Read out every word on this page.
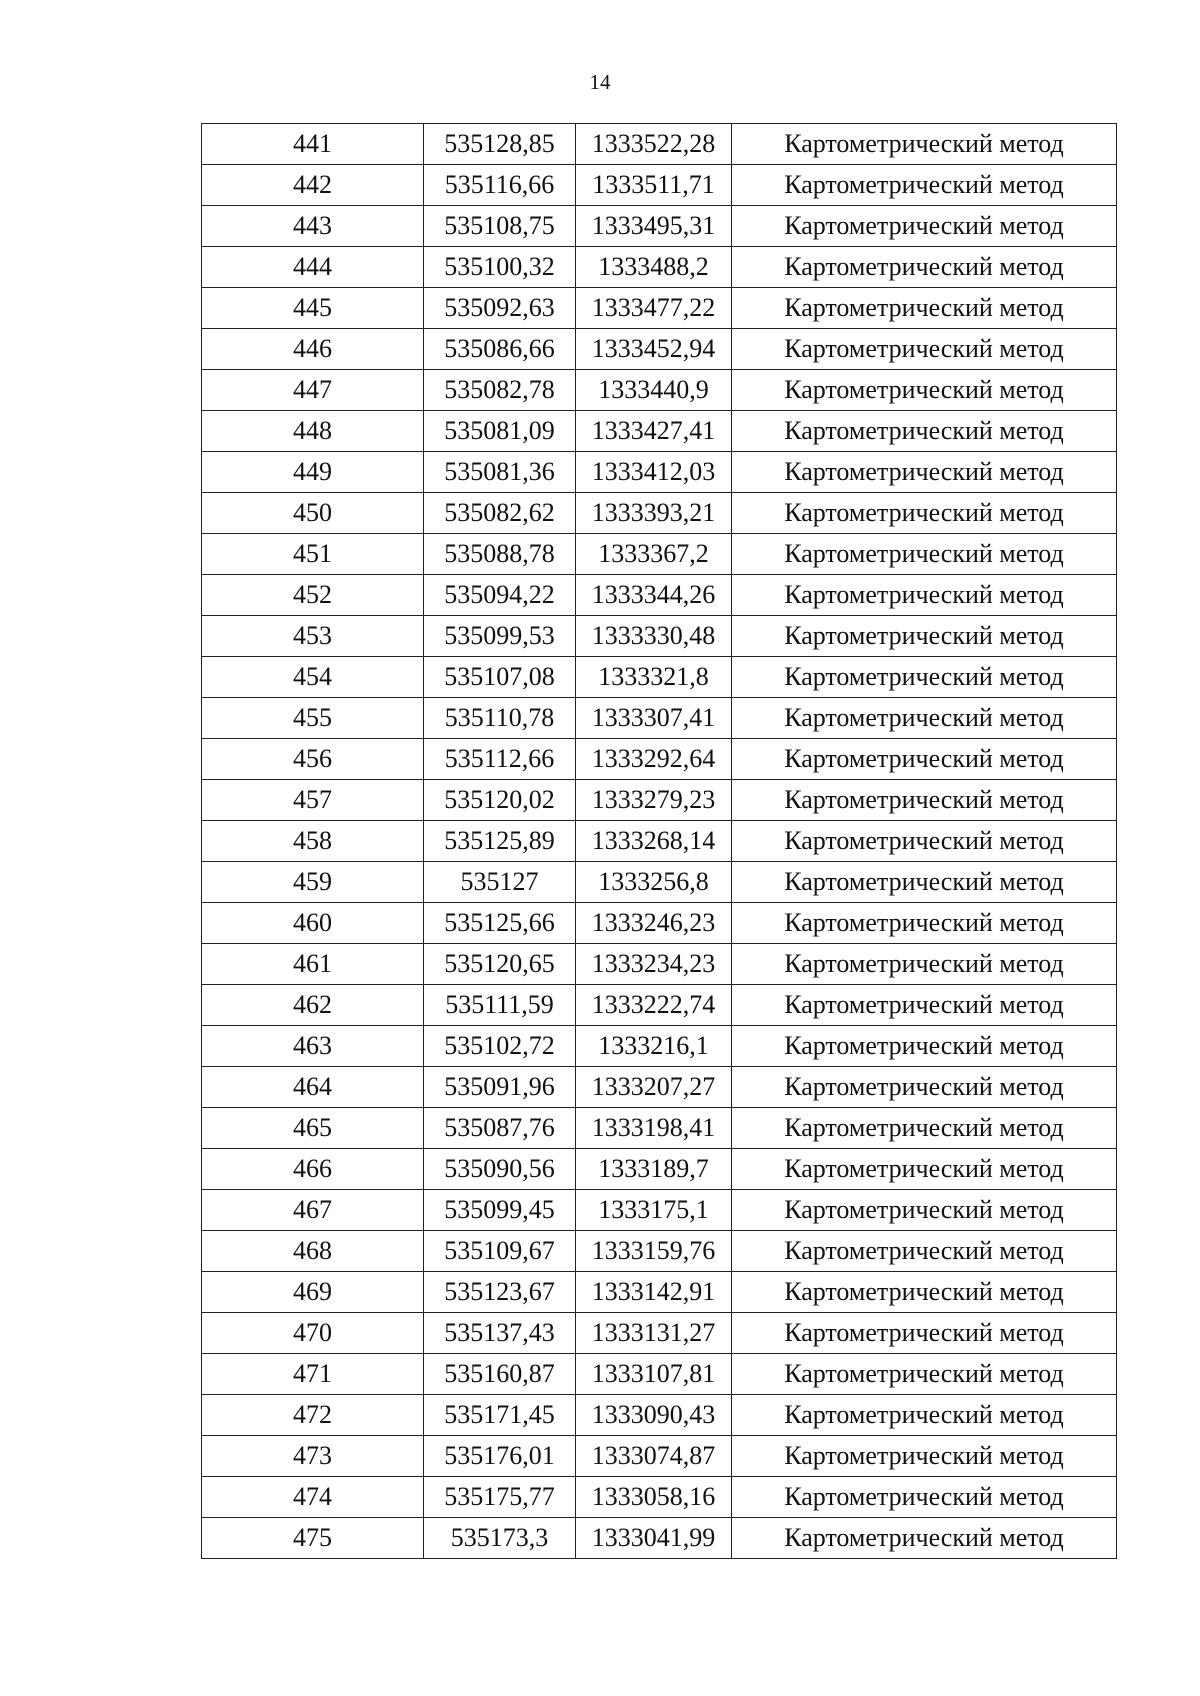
14
441	535128,85	1333522,28	Картометрический метод
442	535116,66	1333511,71	Картометрический метод
443	535108,75	1333495,31	Картометрический метод
444	535100,32	1333488,2	Картометрический метод
445	535092,63	1333477,22	Картометрический метод
446	535086,66	1333452,94	Картометрический метод
447	535082,78	1333440,9	Картометрический метод
448	535081,09	1333427,41	Картометрический метод
449	535081,36	1333412,03	Картометрический метод
450	535082,62	1333393,21	Картометрический метод
451	535088,78	1333367,2	Картометрический метод
452	535094,22	1333344,26	Картометрический метод
453	535099,53	1333330,48	Картометрический метод
454	535107,08	1333321,8	Картометрический метод
455	535110,78	1333307,41	Картометрический метод
456	535112,66	1333292,64	Картометрический метод
457	535120,02	1333279,23	Картометрический метод
458	535125,89	1333268,14	Картометрический метод
459	535127	1333256,8	Картометрический метод
460	535125,66	1333246,23	Картометрический метод
461	535120,65	1333234,23	Картометрический метод
462	535111,59	1333222,74	Картометрический метод
463	535102,72	1333216,1	Картометрический метод
464	535091,96	1333207,27	Картометрический метод
465	535087,76	1333198,41	Картометрический метод
466	535090,56	1333189,7	Картометрический метод
467	535099,45	1333175,1	Картометрический метод
468	535109,67	1333159,76	Картометрический метод
469	535123,67	1333142,91	Картометрический метод
470	535137,43	1333131,27	Картометрический метод
471	535160,87	1333107,81	Картометрический метод
472	535171,45	1333090,43	Картометрический метод
473	535176,01	1333074,87	Картометрический метод
474	535175,77	1333058,16	Картометрический метод
475	535173,3	1333041,99	Картометрический метод
